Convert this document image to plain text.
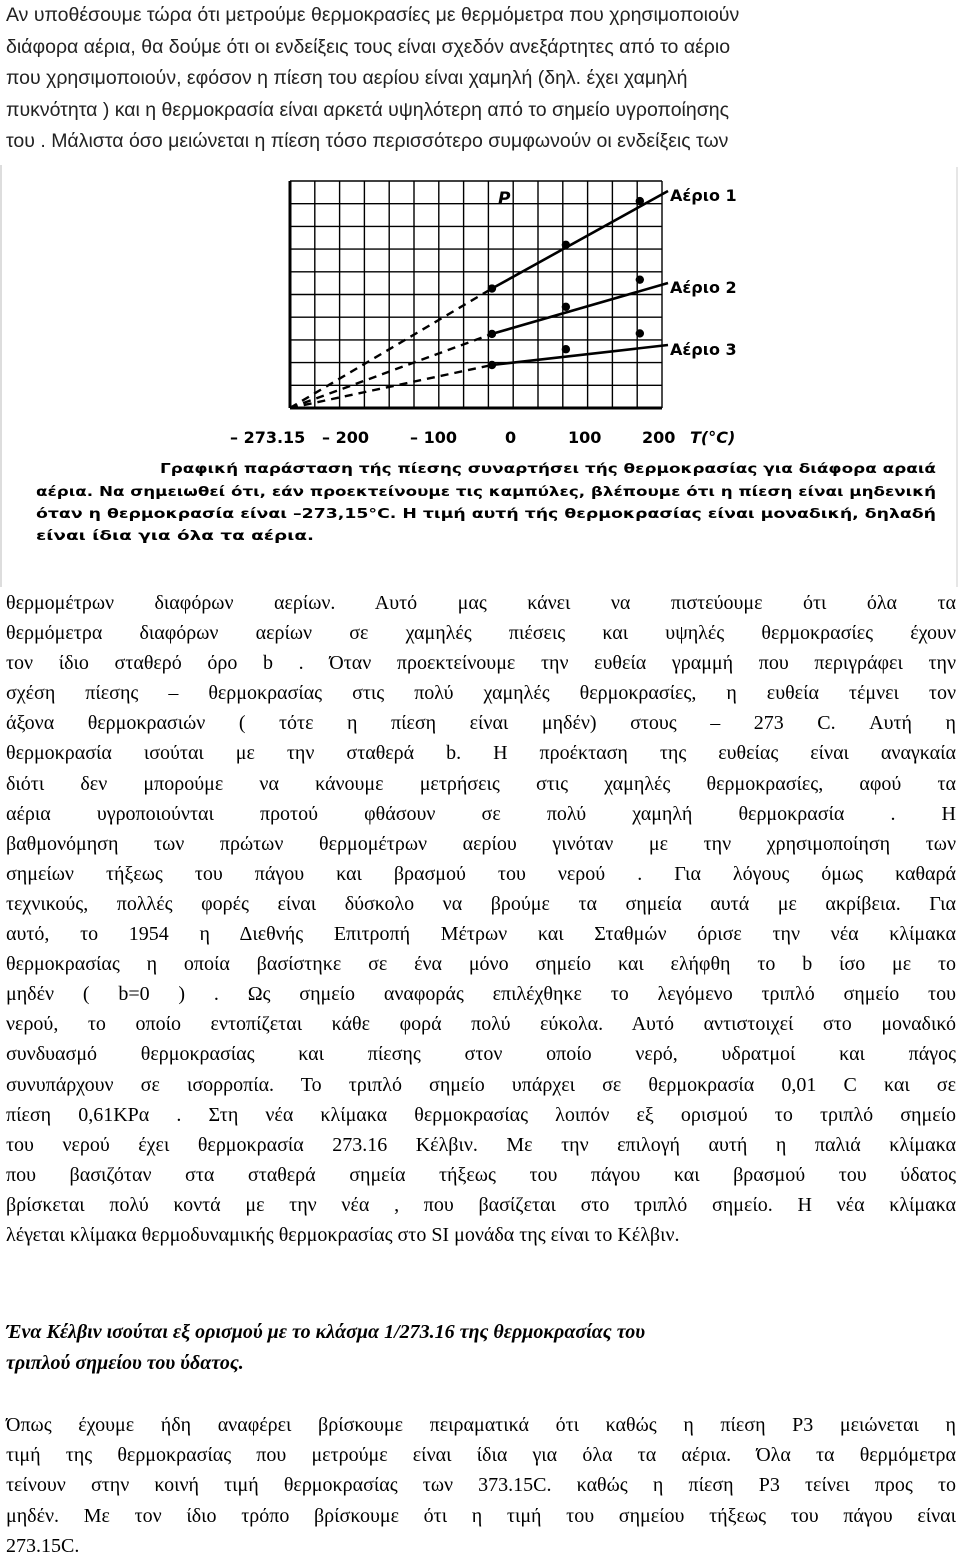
Αν υποθέσουμε τώρα ότι μετρούμε θερμοκρασίες με θερμόμετρα που χρησιμοποιούν
διάφορα αέρια, θα δούμε ότι οι ενδείξεις τους είναι σχεδόν ανεξάρτητες από το αέριο
που χρησιμοποιούν, εφόσον η πίεση του αερίου είναι χαμηλή (δηλ. έχει χαμηλή
πυκνότητα ) και η θερμοκρασία είναι αρκετά υψηλότερη από το σημείο υγροποίησης
του . Μάλιστα όσο μειώνεται η πίεση τόσο περισσότερο συμφωνούν οι ενδείξεις των
P	Αέριο 1
Αέριο 2
Αέριο 3
– 273.15 – 200	– 100	0	100	200 T(°C)
Γραφική παράσταση τής πίεσης συναρτήσει τής θερμοκρασίας για διάφορα αραιά
αέρια. Να σημειωθεί ότι, εάν προεκτείνουμε τις καμπύλες, βλέπουμε ότι η πίεση είναι μηδενική
όταν η θερμοκρασία είναι –273,15°C. Η τιμή αυτή τής θερμοκρασίας είναι μοναδική, δηλαδή
είναι ίδια για όλα τα αέρια.
θερμομέτρων διαφόρων αερίων. Αυτό μας κάνει να πιστεύουμε ότι όλα τα
θερμόμετρα διαφόρων αερίων σε χαμηλές πιέσεις και υψηλές θερμοκρασίες έχουν
τον ίδιο σταθερό όρο b . Όταν προεκτείνουμε την ευθεία γραμμή που περιγράφει την
σχέση πίεσης – θερμοκρασίας στις πολύ χαμηλές θερμοκρασίες, η ευθεία τέμνει τον
άξονα θερμοκρασιών ( τότε η πίεση είναι μηδέν) στους – 273 C. Αυτή η
θερμοκρασία ισούται με την σταθερά b. Η προέκταση της ευθείας είναι αναγκαία
διότι δεν μπορούμε να κάνουμε μετρήσεις στις χαμηλές θερμοκρασίες, αφού τα
αέρια υγροποιούνται προτού φθάσουν σε πολύ χαμηλή θερμοκρασία . Η
βαθμονόμηση των πρώτων θερμομέτρων αερίου γινόταν με την χρησιμοποίηση των
σημείων τήξεως του πάγου και βρασμού του νερού . Για λόγους όμως καθαρά
τεχνικούς, πολλές φορές είναι δύσκολο να βρούμε τα σημεία αυτά με ακρίβεια. Για
αυτό, το 1954 η Διεθνής Επιτροπή Μέτρων και Σταθμών όρισε την νέα κλίμακα
θερμοκρασίας η οποία βασίστηκε σε ένα μόνο σημείο και ελήφθη το b ίσο με το
μηδέν ( b=0 ) . Ως σημείο αναφοράς επιλέχθηκε το λεγόμενο τριπλό σημείο του
νερού, το οποίο εντοπίζεται κάθε φορά πολύ εύκολα. Αυτό αντιστοιχεί στο μοναδικό
συνδυασμό θερμοκρασίας και πίεσης στον οποίο νερό, υδρατμοί και πάγος
συνυπάρχουν σε ισορροπία. Το τριπλό σημείο υπάρχει σε θερμοκρασία 0,01 C και σε
πίεση 0,61KPα . Στη νέα κλίμακα θερμοκρασίας λοιπόν εξ ορισμού το τριπλό σημείο
του νερού έχει θερμοκρασία 273.16 Κέλβιν. Με την επιλογή αυτή η παλιά κλίμακα
που βασιζόταν στα σταθερά σημεία τήξεως του πάγου και βρασμού του ύδατος
βρίσκεται πολύ κοντά με την νέα , που βασίζεται στο τριπλό σημείο. Η νέα κλίμακα
λέγεται κλίμακα θερμοδυναμικής θερμοκρασίας στο SI μονάδα της είναι το Κέλβιν.
Ένα Κέλβιν ισούται εξ ορισμού με το κλάσμα 1/273.16 της θερμοκρασίας του
τριπλού σημείου του ύδατος.
Όπως έχουμε ήδη αναφέρει βρίσκουμε πειραματικά ότι καθώς η πίεση P3 μειώνεται η
τιμή της θερμοκρασίας που μετρούμε είναι ίδια για όλα τα αέρια. Όλα τα θερμόμετρα
τείνουν στην κοινή τιμή θερμοκρασίας των 373.15C. καθώς η πίεση P3 τείνει προς το
μηδέν. Με τον ίδιο τρόπο βρίσκουμε ότι η τιμή του σημείου τήξεως του πάγου είναι
273.15C.
